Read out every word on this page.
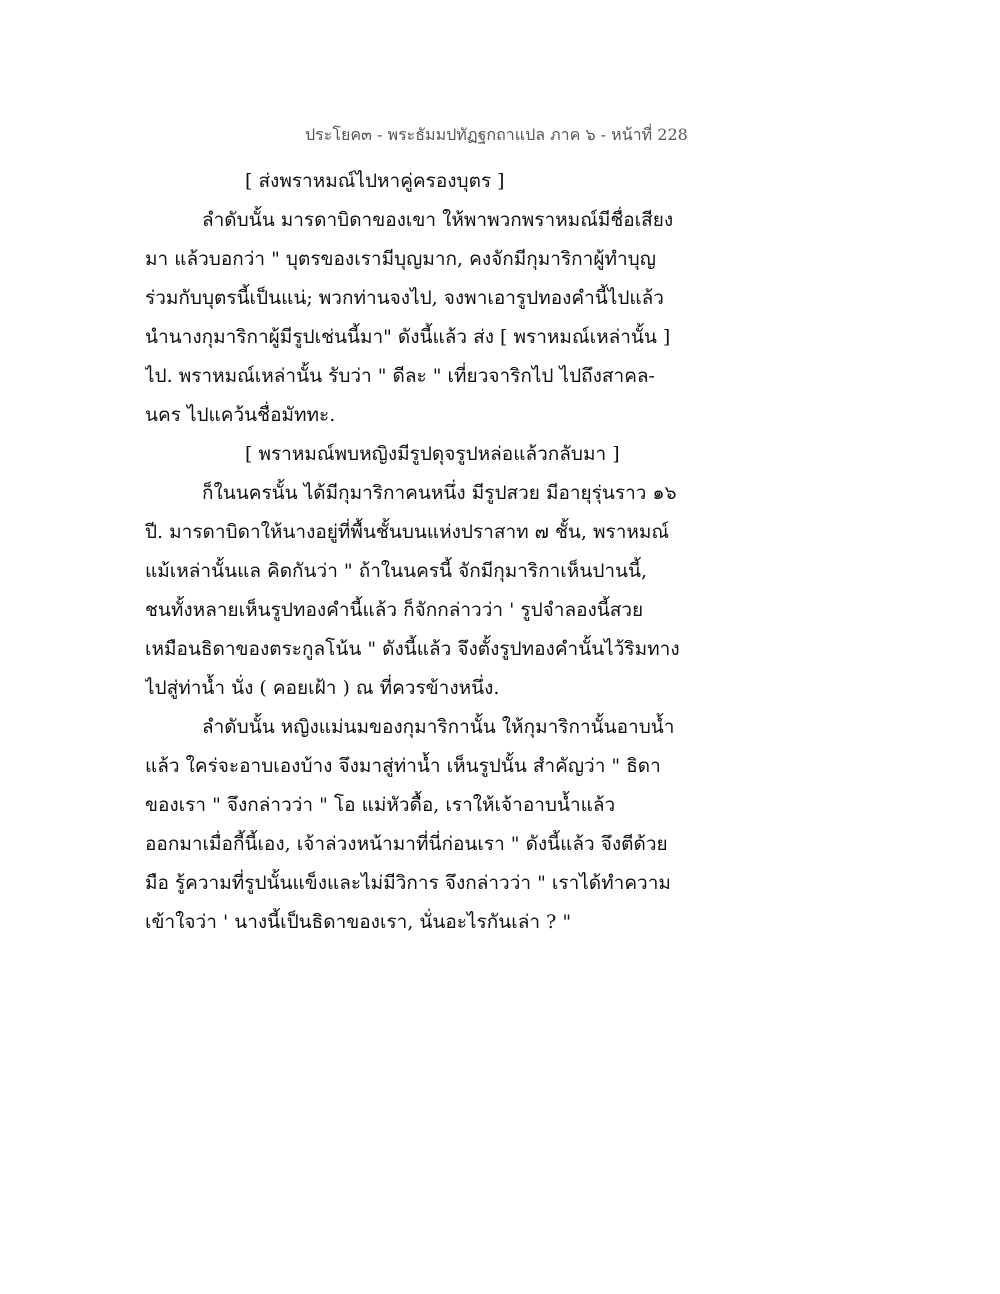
ประโยค๓ - พระธัมมปทัฏฐกถาแปล ภาค ๖ - หน้าที่ 228
[ ส่งพราหมณ์ไปหาคู่ครองบุตร ]
ลำดับนั้น มารดาบิดาของเขา ให้พาพวกพราหมณ์มีชื่อเสียง
มา แล้วบอกว่า " บุตรของเรามีบุญมาก, คงจักมีกุมาริกาผู้ทำบุญ
ร่วมกับบุตรนี้เป็นแน่; พวกท่านจงไป, จงพาเอารูปทองคำนี้ไปแล้ว
นำนางกุมาริกาผู้มีรูปเช่นนี้มา" ดังนี้แล้ว ส่ง [ พราหมณ์เหล่านั้น ]
ไป. พราหมณ์เหล่านั้น รับว่า " ดีละ " เที่ยวจาริกไป ไปถึงสาคล-
นคร ไปแคว้นชื่อมัททะ.
[ พราหมณ์พบหญิงมีรูปดุจรูปหล่อแล้วกลับมา ]
ก็ในนครนั้น ได้มีกุมาริกาคนหนึ่ง มีรูปสวย มีอายุรุ่นราว ๑๖
ปี. มารดาบิดาให้นางอยู่ที่พื้นชั้นบนแห่งปราสาท ๗ ชั้น, พราหมณ์
แม้เหล่านั้นแล คิดกันว่า " ถ้าในนครนี้ จักมีกุมาริกาเห็นปานนี้,
ชนทั้งหลายเห็นรูปทองคำนี้แล้ว ก็จักกล่าวว่า ' รูปจำลองนี้สวย
เหมือนธิดาของตระกูลโน้น " ดังนี้แล้ว จึงตั้งรูปทองคำนั้นไว้ริมทาง
ไปสู่ท่าน้ำ นั่ง ( คอยเฝ้า ) ณ ที่ควรข้างหนึ่ง.
ลำดับนั้น หญิงแม่นมของกุมาริกานั้น ให้กุมาริกานั้นอาบน้ำ
แล้ว ใคร่จะอาบเองบ้าง จึงมาสู่ท่าน้ำ เห็นรูปนั้น สำคัญว่า " ธิดา
ของเรา " จึงกล่าวว่า " โอ แม่หัวดื้อ, เราให้เจ้าอาบน้ำแล้ว
ออกมาเมื่อกี้นี้เอง, เจ้าล่วงหน้ามาที่นี่ก่อนเรา " ดังนี้แล้ว จึงตีด้วย
มือ รู้ความที่รูปนั้นแข็งและไม่มีวิการ จึงกล่าวว่า " เราได้ทำความ
เข้าใจว่า ' นางนี้เป็นธิดาของเรา, นั่นอะไรกันเล่า ? "
